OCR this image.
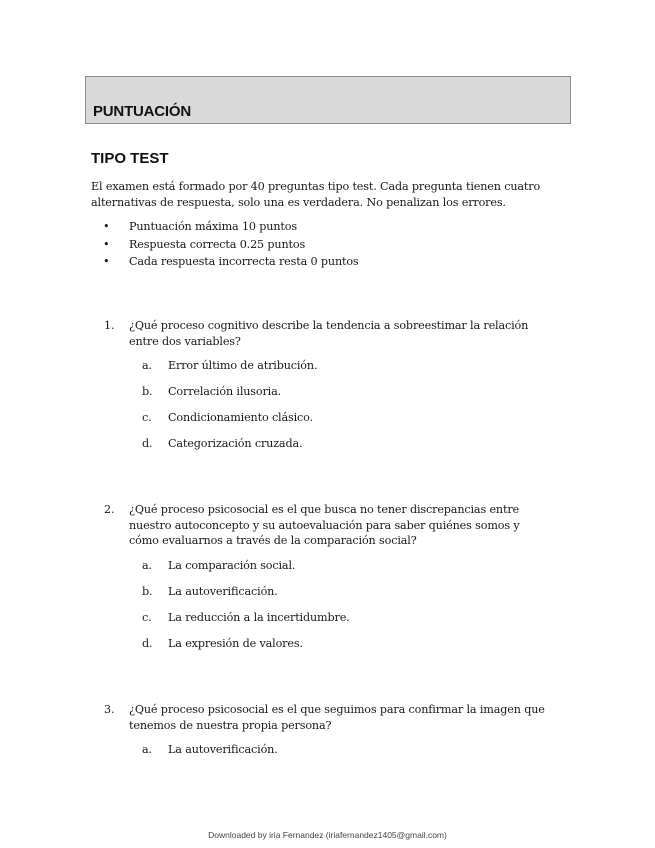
PUNTUACIÓN
TIPO TEST
El examen está formado por 40 preguntas tipo test. Cada pregunta tienen cuatro alternativas de respuesta, solo una es verdadera. No penalizan los errores.
• Puntuación máxima 10 puntos
• Respuesta correcta 0.25 puntos
• Cada respuesta incorrecta resta 0 puntos
1. ¿Qué proceso cognitivo describe la tendencia a sobreestimar la relación entre dos variables?
a. Error último de atribución.
b. Correlación ilusoria.
c. Condicionamiento clásico.
d. Categorización cruzada.
2. ¿Qué proceso psicosocial es el que busca no tener discrepancias entre nuestro autoconcepto y su autoevaluación para saber quiénes somos y cómo evaluarnos a través de la comparación social?
a. La comparación social.
b. La autoverificación.
c. La reducción a la incertidumbre.
d. La expresión de valores.
3. ¿Qué proceso psicosocial es el que seguimos para confirmar la imagen que tenemos de nuestra propia persona?
a. La autoverificación.
Downloaded by iria Fernandez (iriafernandez1405@gmail.com)
